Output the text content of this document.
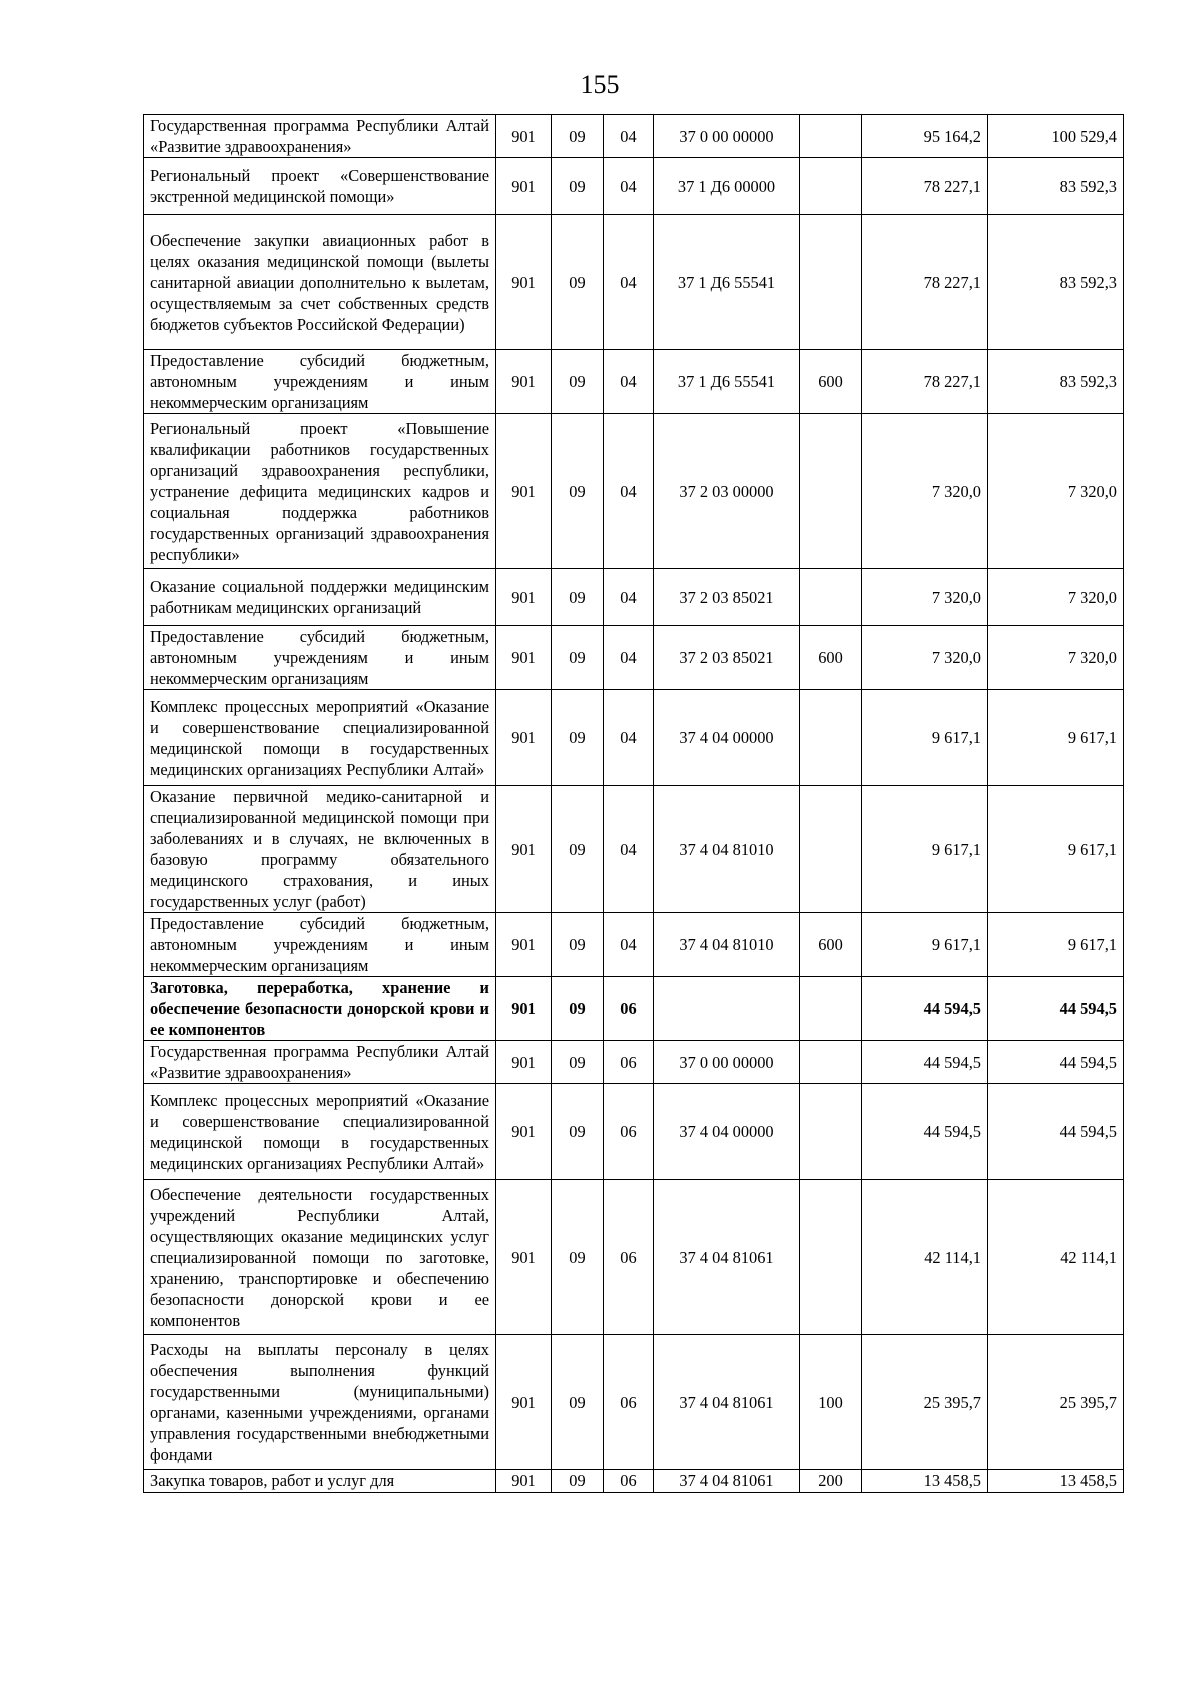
155
Государственная программа Республики Алтай «Развитие здравоохранения»	901	09	04	37 0 00 00000		95 164,2	100 529,4
Региональный проект «Совершенствование экстренной медицинской помощи»	901	09	04	37 1 Д6 00000		78 227,1	83 592,3
Обеспечение закупки авиационных работ в целях оказания медицинской помощи (вылеты санитарной авиации дополнительно к вылетам, осуществляемым за счет собственных средств бюджетов субъектов Российской Федерации)	901	09	04	37 1 Д6 55541		78 227,1	83 592,3
Предоставление субсидий бюджетным, автономным учреждениям и иным некоммерческим организациям	901	09	04	37 1 Д6 55541	600	78 227,1	83 592,3
Региональный проект «Повышение квалификации работников государственных организаций здравоохранения республики, устранение дефицита медицинских кадров и социальная поддержка работников государственных организаций здравоохранения республики»	901	09	04	37 2 03 00000		7 320,0	7 320,0
Оказание социальной поддержки медицинским работникам медицинских организаций	901	09	04	37 2 03 85021		7 320,0	7 320,0
Предоставление субсидий бюджетным, автономным учреждениям и иным некоммерческим организациям	901	09	04	37 2 03 85021	600	7 320,0	7 320,0
Комплекс процессных мероприятий «Оказание и совершенствование специализированной медицинской помощи в государственных медицинских организациях Республики Алтай»	901	09	04	37 4 04 00000		9 617,1	9 617,1
Оказание первичной медико-санитарной и специализированной медицинской помощи при заболеваниях и в случаях, не включенных в базовую программу обязательного медицинского страхования, и иных государственных услуг (работ)	901	09	04	37 4 04 81010		9 617,1	9 617,1
Предоставление субсидий бюджетным, автономным учреждениям и иным некоммерческим организациям	901	09	04	37 4 04 81010	600	9 617,1	9 617,1
Заготовка, переработка, хранение и обеспечение безопасности донорской крови и ее компонентов	901	09	06			44 594,5	44 594,5
Государственная программа Республики Алтай «Развитие здравоохранения»	901	09	06	37 0 00 00000		44 594,5	44 594,5
Комплекс процессных мероприятий «Оказание и совершенствование специализированной медицинской помощи в государственных медицинских организациях Республики Алтай»	901	09	06	37 4 04 00000		44 594,5	44 594,5
Обеспечение деятельности государственных учреждений Республики Алтай, осуществляющих оказание медицинских услуг специализированной помощи по заготовке, хранению, транспортировке и обеспечению безопасности донорской крови и ее компонентов	901	09	06	37 4 04 81061		42 114,1	42 114,1
Расходы на выплаты персоналу в целях обеспечения выполнения функций государственными (муниципальными) органами, казенными учреждениями, органами управления государственными внебюджетными фондами	901	09	06	37 4 04 81061	100	25 395,7	25 395,7
Закупка товаров, работ и услуг для	901	09	06	37 4 04 81061	200	13 458,5	13 458,5
